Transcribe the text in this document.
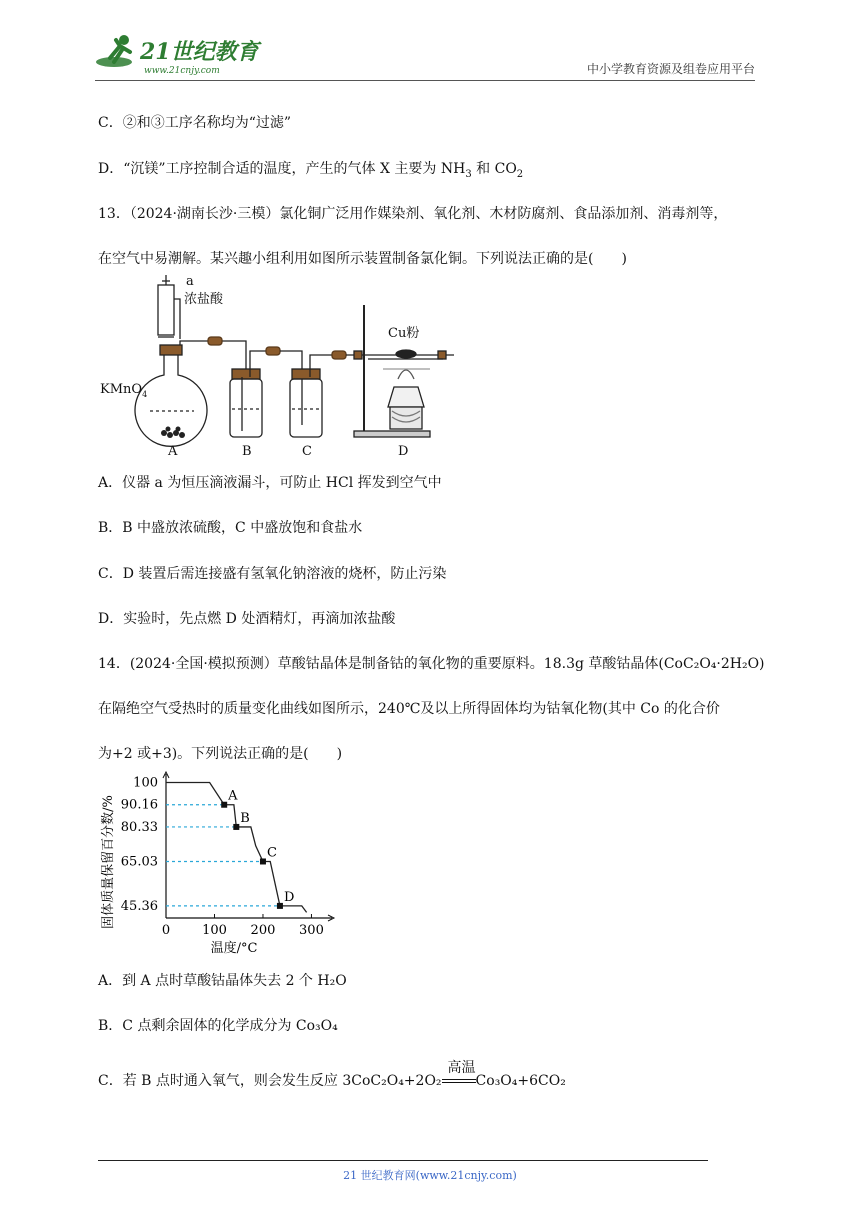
21世纪教育
www.21cnjy.com	中小学教育资源及组卷应用平台
C．②和③工序名称均为“过滤”
D．“沉镁”工序控制合适的温度，产生的气体 X 主要为 $NH_3$ 和 $CO_2$
13．（2024·湖南长沙·三模）氯化铜广泛用作媒染剂、氧化剂、木材防腐剂、食品添加剂、消毒剂等，
在空气中易潮解。某兴趣小组利用如图所示装置制备氯化铜。下列说法正确的是(　　)
a
浓盐酸
KMnO$_4$
Cu粉
A	B	C	D
A．仪器 a 为恒压滴液漏斗，可防止 HCl 挥发到空气中
B．B 中盛放浓硫酸，C 中盛放饱和食盐水
C．D 装置后需连接盛有氢氧化钠溶液的烧杯，防止污染
D．实验时，先点燃 D 处酒精灯，再滴加浓盐酸
14．(2024·全国·模拟预测）草酸钴晶体是制备钴的氧化物的重要原料。18.3g 草酸钴晶体(CoC₂O₄·2H₂O)
在隔绝空气受热时的质量变化曲线如图所示，240℃及以上所得固体均为钴氧化物(其中 Co 的化合价
为+2 或+3)。下列说法正确的是(　　)
固体质量保留百分数/%
温度/°C
0 100 200 300
100
90.16
80.33
65.03
45.36
A
B
C
D
A．到 A 点时草酸钴晶体失去 2 个 H₂O
B．C 点剩余固体的化学成分为 Co₃O₄
C．若 B 点时通入氧气，则会发生反应 3CoC₂O₄+2O₂
高温
Co₃O₄+6CO₂
21 世纪教育网(www.21cnjy.com)
